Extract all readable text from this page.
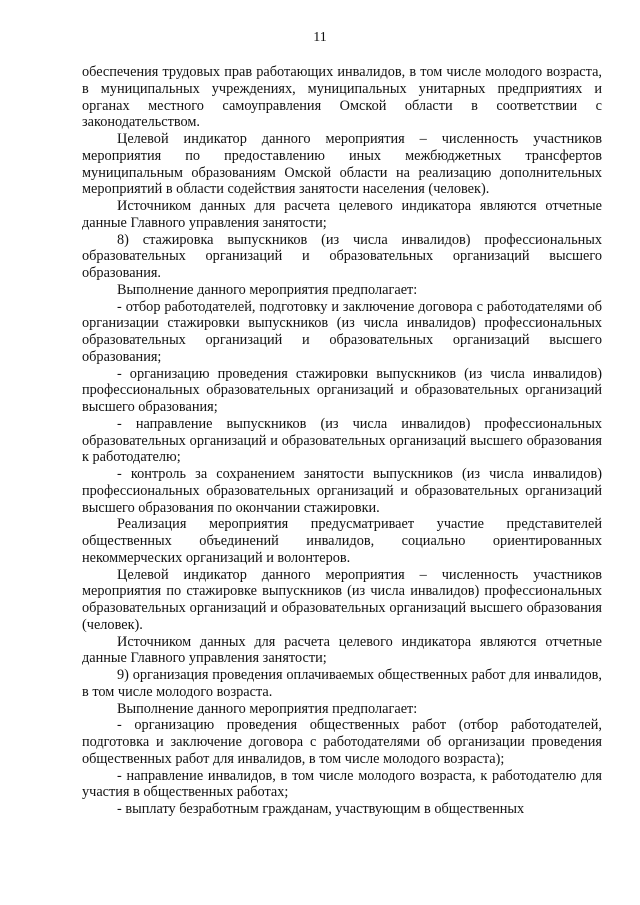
11

обеспечения трудовых прав работающих инвалидов, в том числе молодого возраста, в муниципальных учреждениях, муниципальных унитарных предприятиях и органах местного самоуправления Омской области в соответствии с законодательством.

Целевой индикатор данного мероприятия – численность участников мероприятия по предоставлению иных межбюджетных трансфертов муниципальным образованиям Омской области на реализацию дополнительных мероприятий в области содействия занятости населения (человек).

Источником данных для расчета целевого индикатора являются отчетные данные Главного управления занятости;

8) стажировка выпускников (из числа инвалидов) профессиональных образовательных организаций и образовательных организаций высшего образования.

Выполнение данного мероприятия предполагает:

- отбор работодателей, подготовку и заключение договора с работодателями об организации стажировки выпускников (из числа инвалидов) профессиональных образовательных организаций и образовательных организаций высшего образования;

- организацию проведения стажировки выпускников (из числа инвалидов) профессиональных образовательных организаций и образовательных организаций высшего образования;

- направление выпускников (из числа инвалидов) профессиональных образовательных организаций и образовательных организаций высшего образования к работодателю;

- контроль за сохранением занятости выпускников (из числа инвалидов) профессиональных образовательных организаций и образовательных организаций высшего образования по окончании стажировки.

Реализация мероприятия предусматривает участие представителей общественных объединений инвалидов, социально ориентированных некоммерческих организаций и волонтеров.

Целевой индикатор данного мероприятия – численность участников мероприятия по стажировке выпускников (из числа инвалидов) профессиональных образовательных организаций и образовательных организаций высшего образования (человек).

Источником данных для расчета целевого индикатора являются отчетные данные Главного управления занятости;

9) организация проведения оплачиваемых общественных работ для инвалидов, в том числе молодого возраста.

Выполнение данного мероприятия предполагает:

- организацию проведения общественных работ (отбор работодателей, подготовка и заключение договора с работодателями об организации проведения общественных работ для инвалидов, в том числе молодого возраста);

- направление инвалидов, в том числе молодого возраста, к работодателю для участия в общественных работах;

- выплату безработным гражданам, участвующим в общественных
